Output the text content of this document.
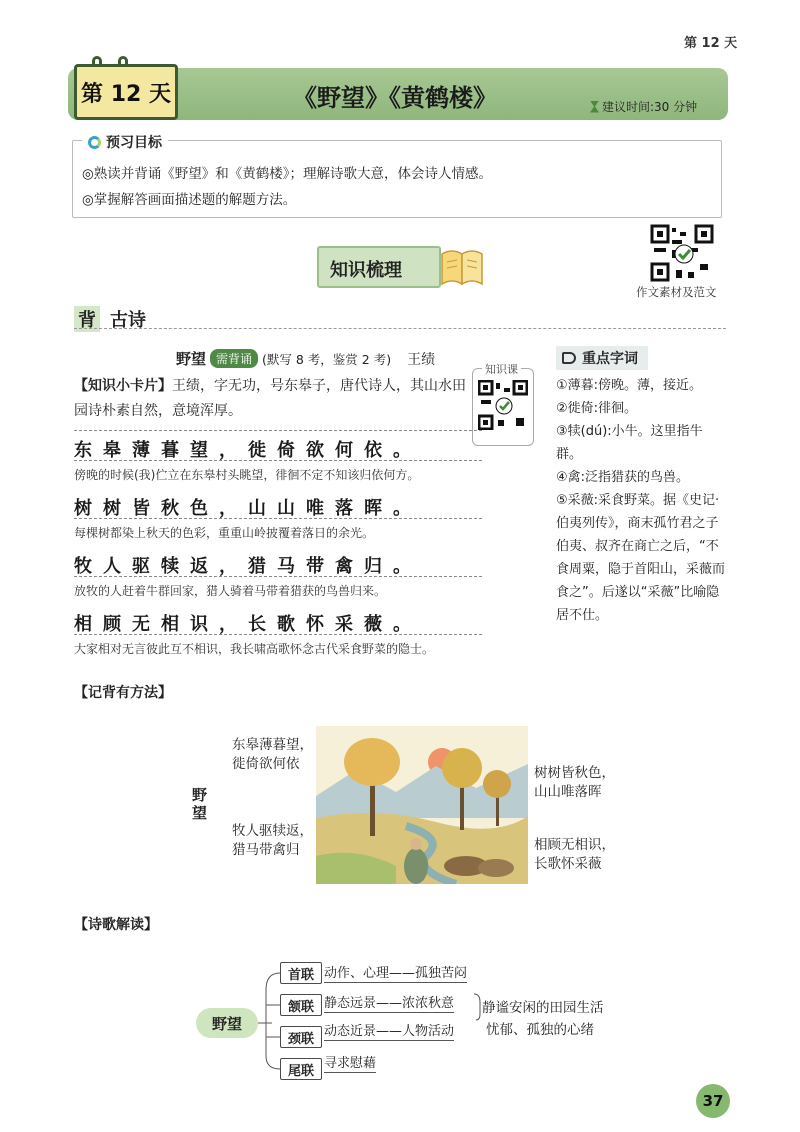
第 12 天
第 12 天	《野望》《黄鹤楼》	建议时间:30 分钟
预习目标
◎熟读并背诵《野望》和《黄鹤楼》；理解诗歌大意，体会诗人情感。
◎掌握解答画面描述题的解题方法。
作文素材及范文
知识梳理
背 古诗
野望 需背诵 (默写 8 考，鉴赏 2 考) 王绩
【知识小卡片】王绩，字无功，号东皋子，唐代诗人，其山水田园诗朴素自然，意境浑厚。
知识课
东皋薄暮望，徙倚欲何依。
傍晚的时候(我)伫立在东皋村头眺望，徘徊不定不知该归依何方。
树树皆秋色，山山唯落晖。
每棵树都染上秋天的色彩，重重山岭披覆着落日的余光。
牧人驱犊返，猎马带禽归。
放牧的人赶着牛群回家，猎人骑着马带着猎获的鸟兽归来。
相顾无相识，长歌怀采薇。
大家相对无言彼此互不相识，我长啸高歌怀念古代采食野菜的隐士。
重点字词
①薄暮:傍晚。薄，接近。
②徙倚:徘徊。
③犊(dú):小牛。这里指牛群。
④禽:泛指猎获的鸟兽。
⑤采薇:采食野菜。据《史记·伯夷列传》，商末孤竹君之子伯夷、叔齐在商亡之后，“不食周粟，隐于首阳山，采薇而食之”。后遂以“采薇”比喻隐居不仕。
【记背有方法】
野望
东皋薄暮望，
徙倚欲何依
牧人驱犊返，
猎马带禽归
树树皆秋色，
山山唯落晖
相顾无相识，
长歌怀采薇
【诗歌解读】
野望
首联
颔联
颈联
尾联
动作、心理——孤独苦闷
静态远景——浓浓秋意
动态近景——人物活动
寻求慰藉
静谧安闲的田园生活
忧郁、孤独的心绪
37
